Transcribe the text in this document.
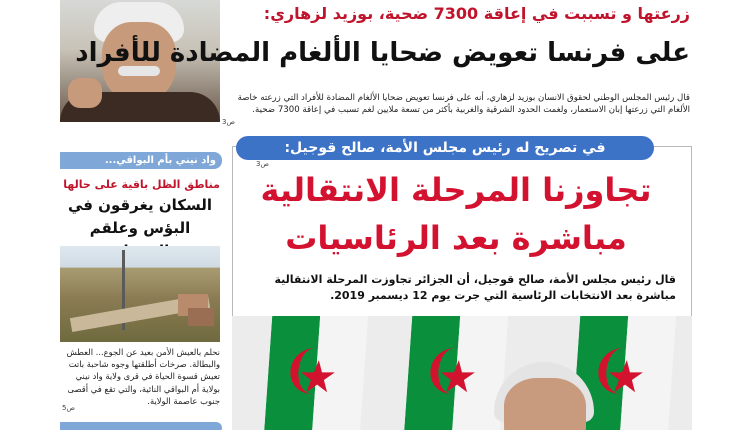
زرعتها و تسببت في إعاقة 7300 ضحية، بوزيد لزهاري:
على فرنسا تعويض ضحايا الألغام المضادة للأفراد
قال رئيس المجلس الوطني لحقوق الانسان بوزيد لزهاري، أنه على فرنسا تعويض ضحايا الألغام المضادة للأفراد التي زرعته خاصة الألغام التي زرعتها إبان الاستعمار، ولغمت الحدود الشرقية والغربية بأكثر من تسعة ملايين لغم تسبب في إعاقة 7300 ضحية.
ص3
واد نيني بأم البواقي...
مناطق الظل باقية على حالها
السكان يغرقون في البؤس وعلقم
نحلم بالعيش الأمن بعيد عن الجوع... العطش والبطالة. صرخات أطلقتها وجوه شاحبة باتت تعيش قسوة الحياة في قرى ولاية واد نيني بولاية أم البواقي النائية، والتي تقع في أقصى جنوب عاصمة الولاية.
ص5
في تصريح له رئيس مجلس الأمة، صالح قوجيل:
ص3
تجاوزنا المرحلة الانتقالية
مباشرة بعد الرئاسيات
قال رئيس مجلس الأمة، صالح قوجيل، أن الجزائر تجاوزت المرحلة الانتقالية مباشرة بعد الانتخابات الرئاسية التي جرت يوم 12 ديسمبر 2019.
★ ★	★
